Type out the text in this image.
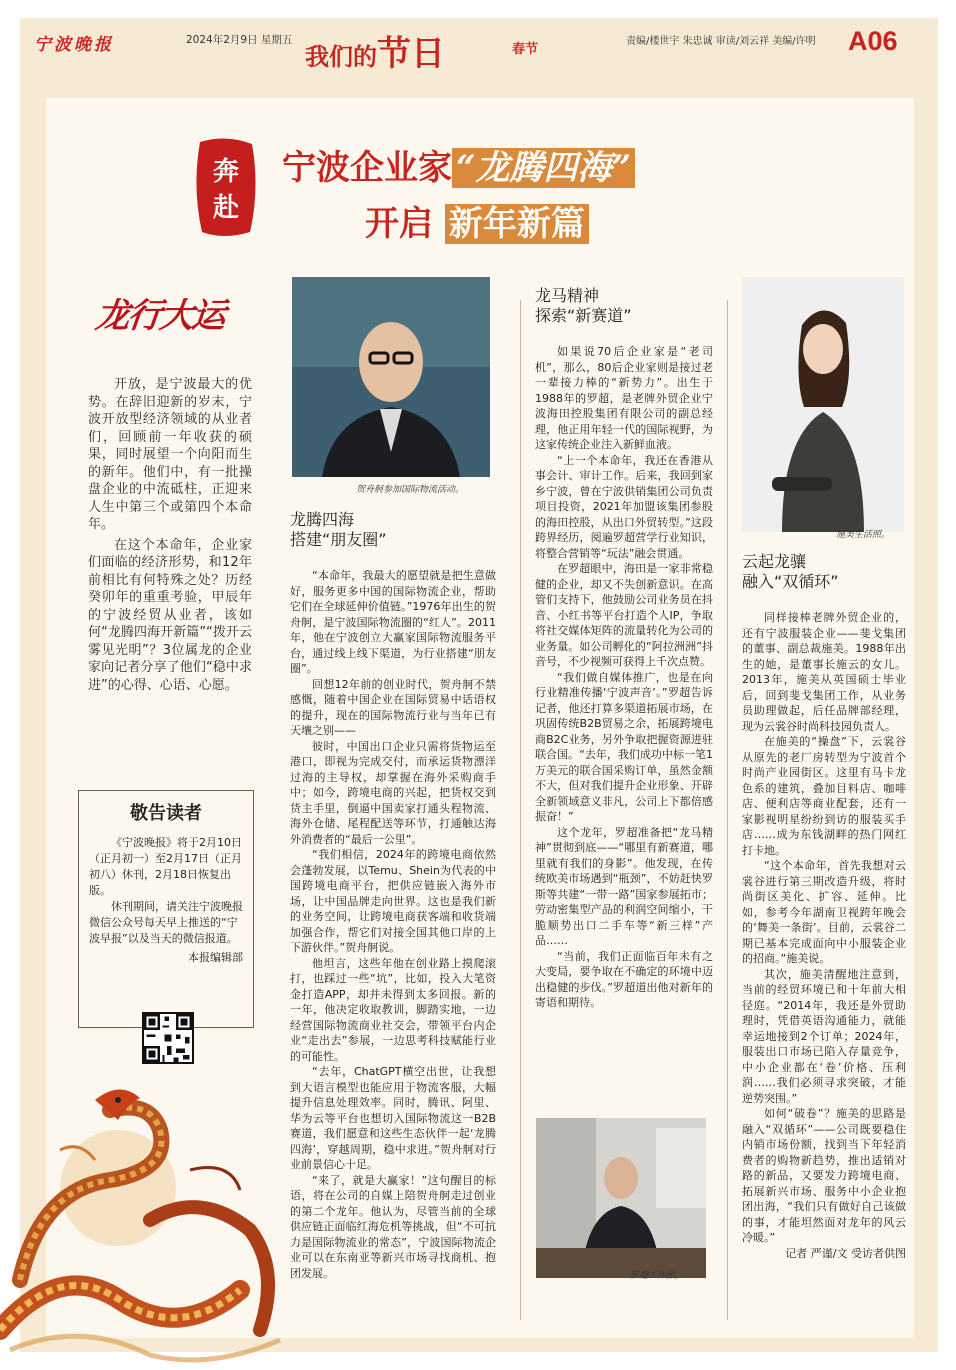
宁波晚报	2024年2月9日 星期五
我们的节日	春节
责编/楼世宇 朱忠诚 审读/刘云祥 美编/许明 A06
奔
赴
宁波企业家 “龙腾四海”
开启 新年新篇
龙行大运

开放，是宁波最大的优势。在辞旧迎新的岁末，宁波开放型经济领域的从业者们，回顾前一年收获的硕果，同时展望一个向阳而生的新年。他们中，有一批操盘企业的中流砥柱，正迎来人生中第三个或第四个本命年。

在这个本命年，企业家们面临的经济形势，和12年前相比有何特殊之处？历经癸卯年的重重考验，甲辰年的宁波经贸从业者，该如何“龙腾四海开新篇”“拨开云雾见光明”？3位属龙的企业家向记者分享了他们“稳中求进”的心得、心语、心愿。

敬告读者

《宁波晚报》将于2月10日（正月初一）至2月17日（正月初八）休刊，2月18日恢复出版。

休刊期间，请关注宁波晚报微信公众号每天早上推送的“宁波早报”以及当天的微信报道。

本报编辑部
贺舟舸参加国际物流活动。
施美生活照。
罗超工作照。
龙腾四海
搭建“朋友圈”

“本命年，我最大的愿望就是把生意做好，服务更多中国的国际物流企业，帮助它们在全球延伸价值链。”1976年出生的贺舟舸，是宁波国际物流圈的“红人”。2011年，他在宁波创立大赢家国际物流服务平台，通过线上线下渠道，为行业搭建“朋友圈”。

回想12年前的创业时代，贺舟舸不禁感慨，随着中国企业在国际贸易中话语权的提升，现在的国际物流行业与当年已有天壤之别——

彼时，中国出口企业只需将货物运至港口，即视为完成交付，而承运货物漂洋过海的主导权，却掌握在海外采购商手中；如今，跨境电商的兴起，把货权交到货主手里，倒逼中国卖家打通头程物流、海外仓储、尾程配送等环节，打通触达海外消费者的“最后一公里”。

“我们相信，2024年的跨境电商依然会蓬勃发展，以Temu、Shein为代表的中国跨境电商平台，把供应链嵌入海外市场，让中国品牌走向世界。这也是我们新的业务空间，让跨境电商获客端和收货端加强合作，帮它们对接全国其他口岸的上下游伙伴。”贺舟舸说。

他坦言，这些年他在创业路上摸爬滚打，也踩过一些“坑”，比如，投入大笔资金打造APP，却并未得到太多回报。新的一年，他决定收取教训，脚踏实地，一边经营国际物流商业社交会，带领平台内企业“走出去”参展，一边思考科技赋能行业的可能性。

“去年，ChatGPT横空出世，让我想到大语言模型也能应用于物流客服，大幅提升信息处理效率。同时，腾讯、阿里、华为云等平台也想切入国际物流这一B2B赛道，我们愿意和这些生态伙伴一起‘龙腾四海’，穿越周期，稳中求进。”贺舟舸对行业前景信心十足。

“来了，就是大赢家！”这句醒目的标语，将在公司的自媒上陪贺舟舸走过创业的第二个龙年。他认为，尽管当前的全球供应链正面临红海危机等挑战，但“不可抗力是国际物流业的常态”，宁波国际物流企业可以在东南亚等新兴市场寻找商机、抱团发展。

龙马精神
探索“新赛道”

如果说70后企业家是“老司机”，那么，80后企业家则是接过老一辈接力棒的“新势力”。出生于1988年的罗超，是老牌外贸企业宁波海田控股集团有限公司的副总经理，他正用年轻一代的国际视野，为这家传统企业注入新鲜血液。

“上一个本命年，我还在香港从事会计、审计工作。后来，我回到家乡宁波，曾在宁波供销集团公司负责项目投资，2021年加盟该集团参股的海田控股，从出口外贸转型。”这段跨界经历，阅遍罗超营学行业知识，将整合营销等“玩法”融会贯通。

在罗超眼中，海田是一家非常稳健的企业，却又不失创新意识。在高管们支持下，他鼓励公司业务员在抖音、小红书等平台打造个人IP，争取将社交媒体矩阵的流量转化为公司的业务量。如公司孵化的“阿拉洲洲”抖音号，不少视频可获得上千次点赞。

“我们做自媒体推广，也是在向行业精准传播‘宁波声音’。”罗超告诉记者，他还打算多渠道拓展市场，在巩固传统B2B贸易之余，拓展跨境电商B2C业务，另外争取把握资源进驻联合国。“去年，我们成功中标一笔1万美元的联合国采购订单，虽然金额不大，但对我们提升企业形象、开辟全新领域意义非凡，公司上下都倍感振奋！”

这个龙年，罗超准备把“龙马精神”贯彻到底——“哪里有新赛道，哪里就有我们的身影”。他发现，在传统欧美市场遇到“瓶颈”，不妨赶快罗斯等共建“一带一路”国家参展拓市；劳动密集型产品的利润空间缩小，干脆顺势出口二手车等“新三样”产品……

“当前，我们正面临百年未有之大变局，要争取在不确定的环境中迈出稳健的步伐。”罗超道出他对新年的寄语和期待。

云起龙骧
融入“双循环”

同样接棒老牌外贸企业的，还有宁波服装企业——斐戈集团的董事、副总裁施美。1988年出生的她，是董事长施云的女儿。2013年，施美从英国硕士毕业后，回到斐戈集团工作，从业务员助理做起，后任品牌部经理，现为云裳谷时尚科技园负责人。

在施美的“操盘”下，云裳谷从原先的老厂房转型为宁波首个时尚产业园街区。这里有马卡龙色系的建筑，叠加目料店、咖啡店、便利店等商业配套，还有一家影视明星纷纷到访的服装买手店……成为东钱湖畔的热门网红打卡地。

“这个本命年，首先我想对云裳谷进行第三期改造升级，将时尚街区美化、扩容、延伸。比如，参考今年湖南卫视跨年晚会的‘舞美一条街’。目前，云裳谷二期已基本完成面向中小服装企业的招商。”施美说。

其次，施美清醒地注意到，当前的经贸环境已和十年前大相径庭。“2014年，我还是外贸助理时，凭借英语沟通能力，就能幸运地接到2个订单；2024年，服装出口市场已陷入存量竞争，中小企业都在‘卷’价格、压利润……我们必须寻求突破，才能逆势突围。”

如何“破卷”？施美的思路是融入“双循环”——公司既要稳住内销市场份额，找到当下年轻消费者的购物新趋势，推出适销对路的新品，又要发力跨境电商、拓展新兴市场、服务中小企业抱团出海，“我们只有做好自己该做的事，才能坦然面对龙年的风云冷暖。”

记者 严谨/文 受访者供图
